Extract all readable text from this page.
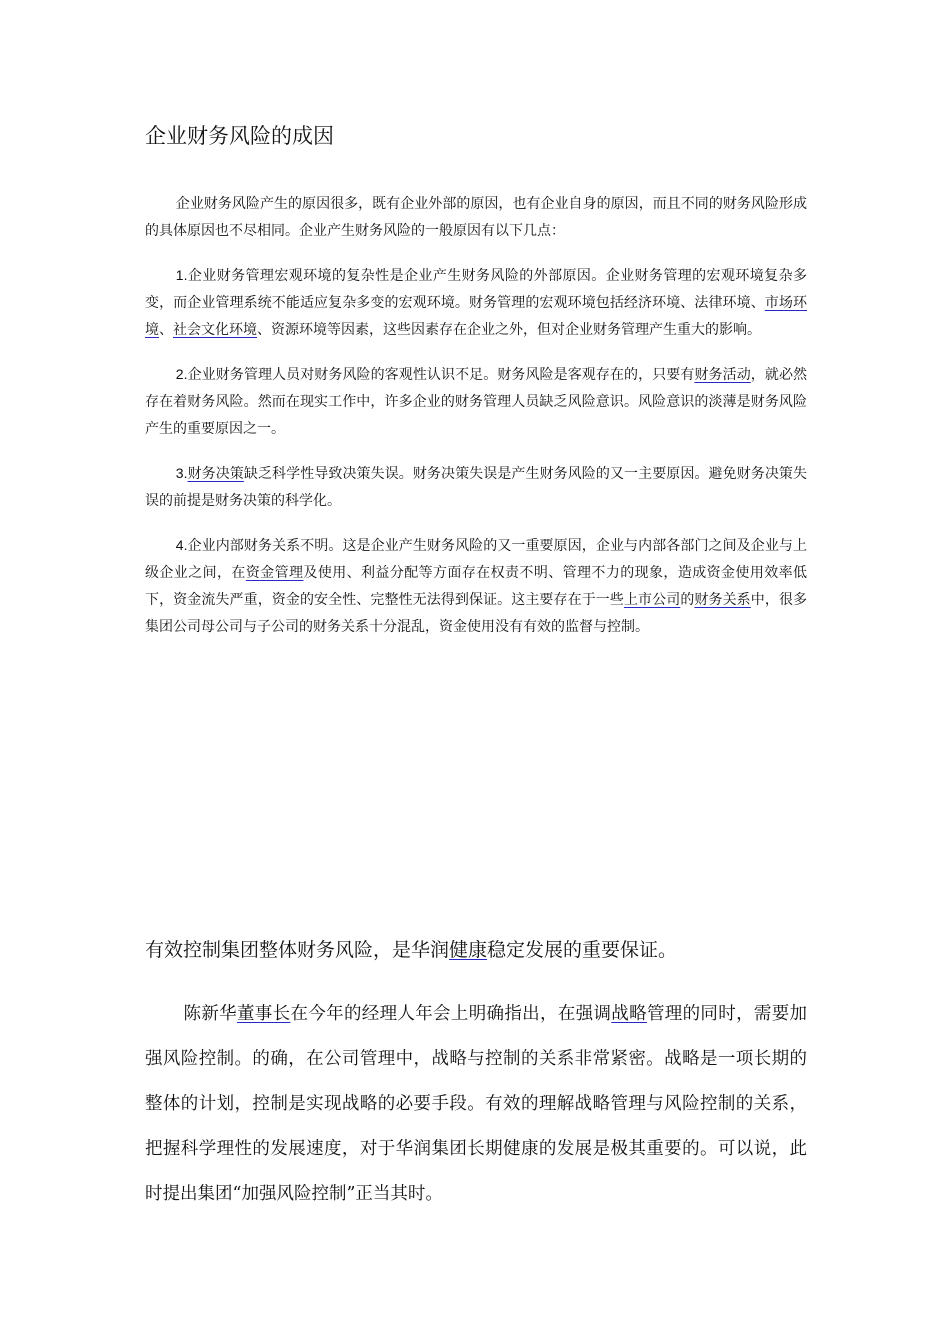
企业财务风险的成因

企业财务风险产生的原因很多，既有企业外部的原因，也有企业自身的原因，而且不同的财务风险形成的具体原因也不尽相同。企业产生财务风险的一般原因有以下几点：

1.企业财务管理宏观环境的复杂性是企业产生财务风险的外部原因。企业财务管理的宏观环境复杂多变，而企业管理系统不能适应复杂多变的宏观环境。财务管理的宏观环境包括经济环境、法律环境、市场环境、社会文化环境、资源环境等因素，这些因素存在企业之外，但对企业财务管理产生重大的影响。

2.企业财务管理人员对财务风险的客观性认识不足。财务风险是客观存在的，只要有财务活动，就必然存在着财务风险。然而在现实工作中，许多企业的财务管理人员缺乏风险意识。风险意识的淡薄是财务风险产生的重要原因之一。

3.财务决策缺乏科学性导致决策失误。财务决策失误是产生财务风险的又一主要原因。避免财务决策失误的前提是财务决策的科学化。

4.企业内部财务关系不明。这是企业产生财务风险的又一重要原因，企业与内部各部门之间及企业与上级企业之间，在资金管理及使用、利益分配等方面存在权责不明、管理不力的现象，造成资金使用效率低下，资金流失严重，资金的安全性、完整性无法得到保证。这主要存在于一些上市公司的财务关系中，很多集团公司母公司与子公司的财务关系十分混乱，资金使用没有有效的监督与控制。

有效控制集团整体财务风险，是华润健康稳定发展的重要保证。

陈新华董事长在今年的经理人年会上明确指出，在强调战略管理的同时，需要加强风险控制。的确，在公司管理中，战略与控制的关系非常紧密。战略是一项长期的整体的计划，控制是实现战略的必要手段。有效的理解战略管理与风险控制的关系，把握科学理性的发展速度，对于华润集团长期健康的发展是极其重要的。可以说，此时提出集团“加强风险控制”正当其时。
